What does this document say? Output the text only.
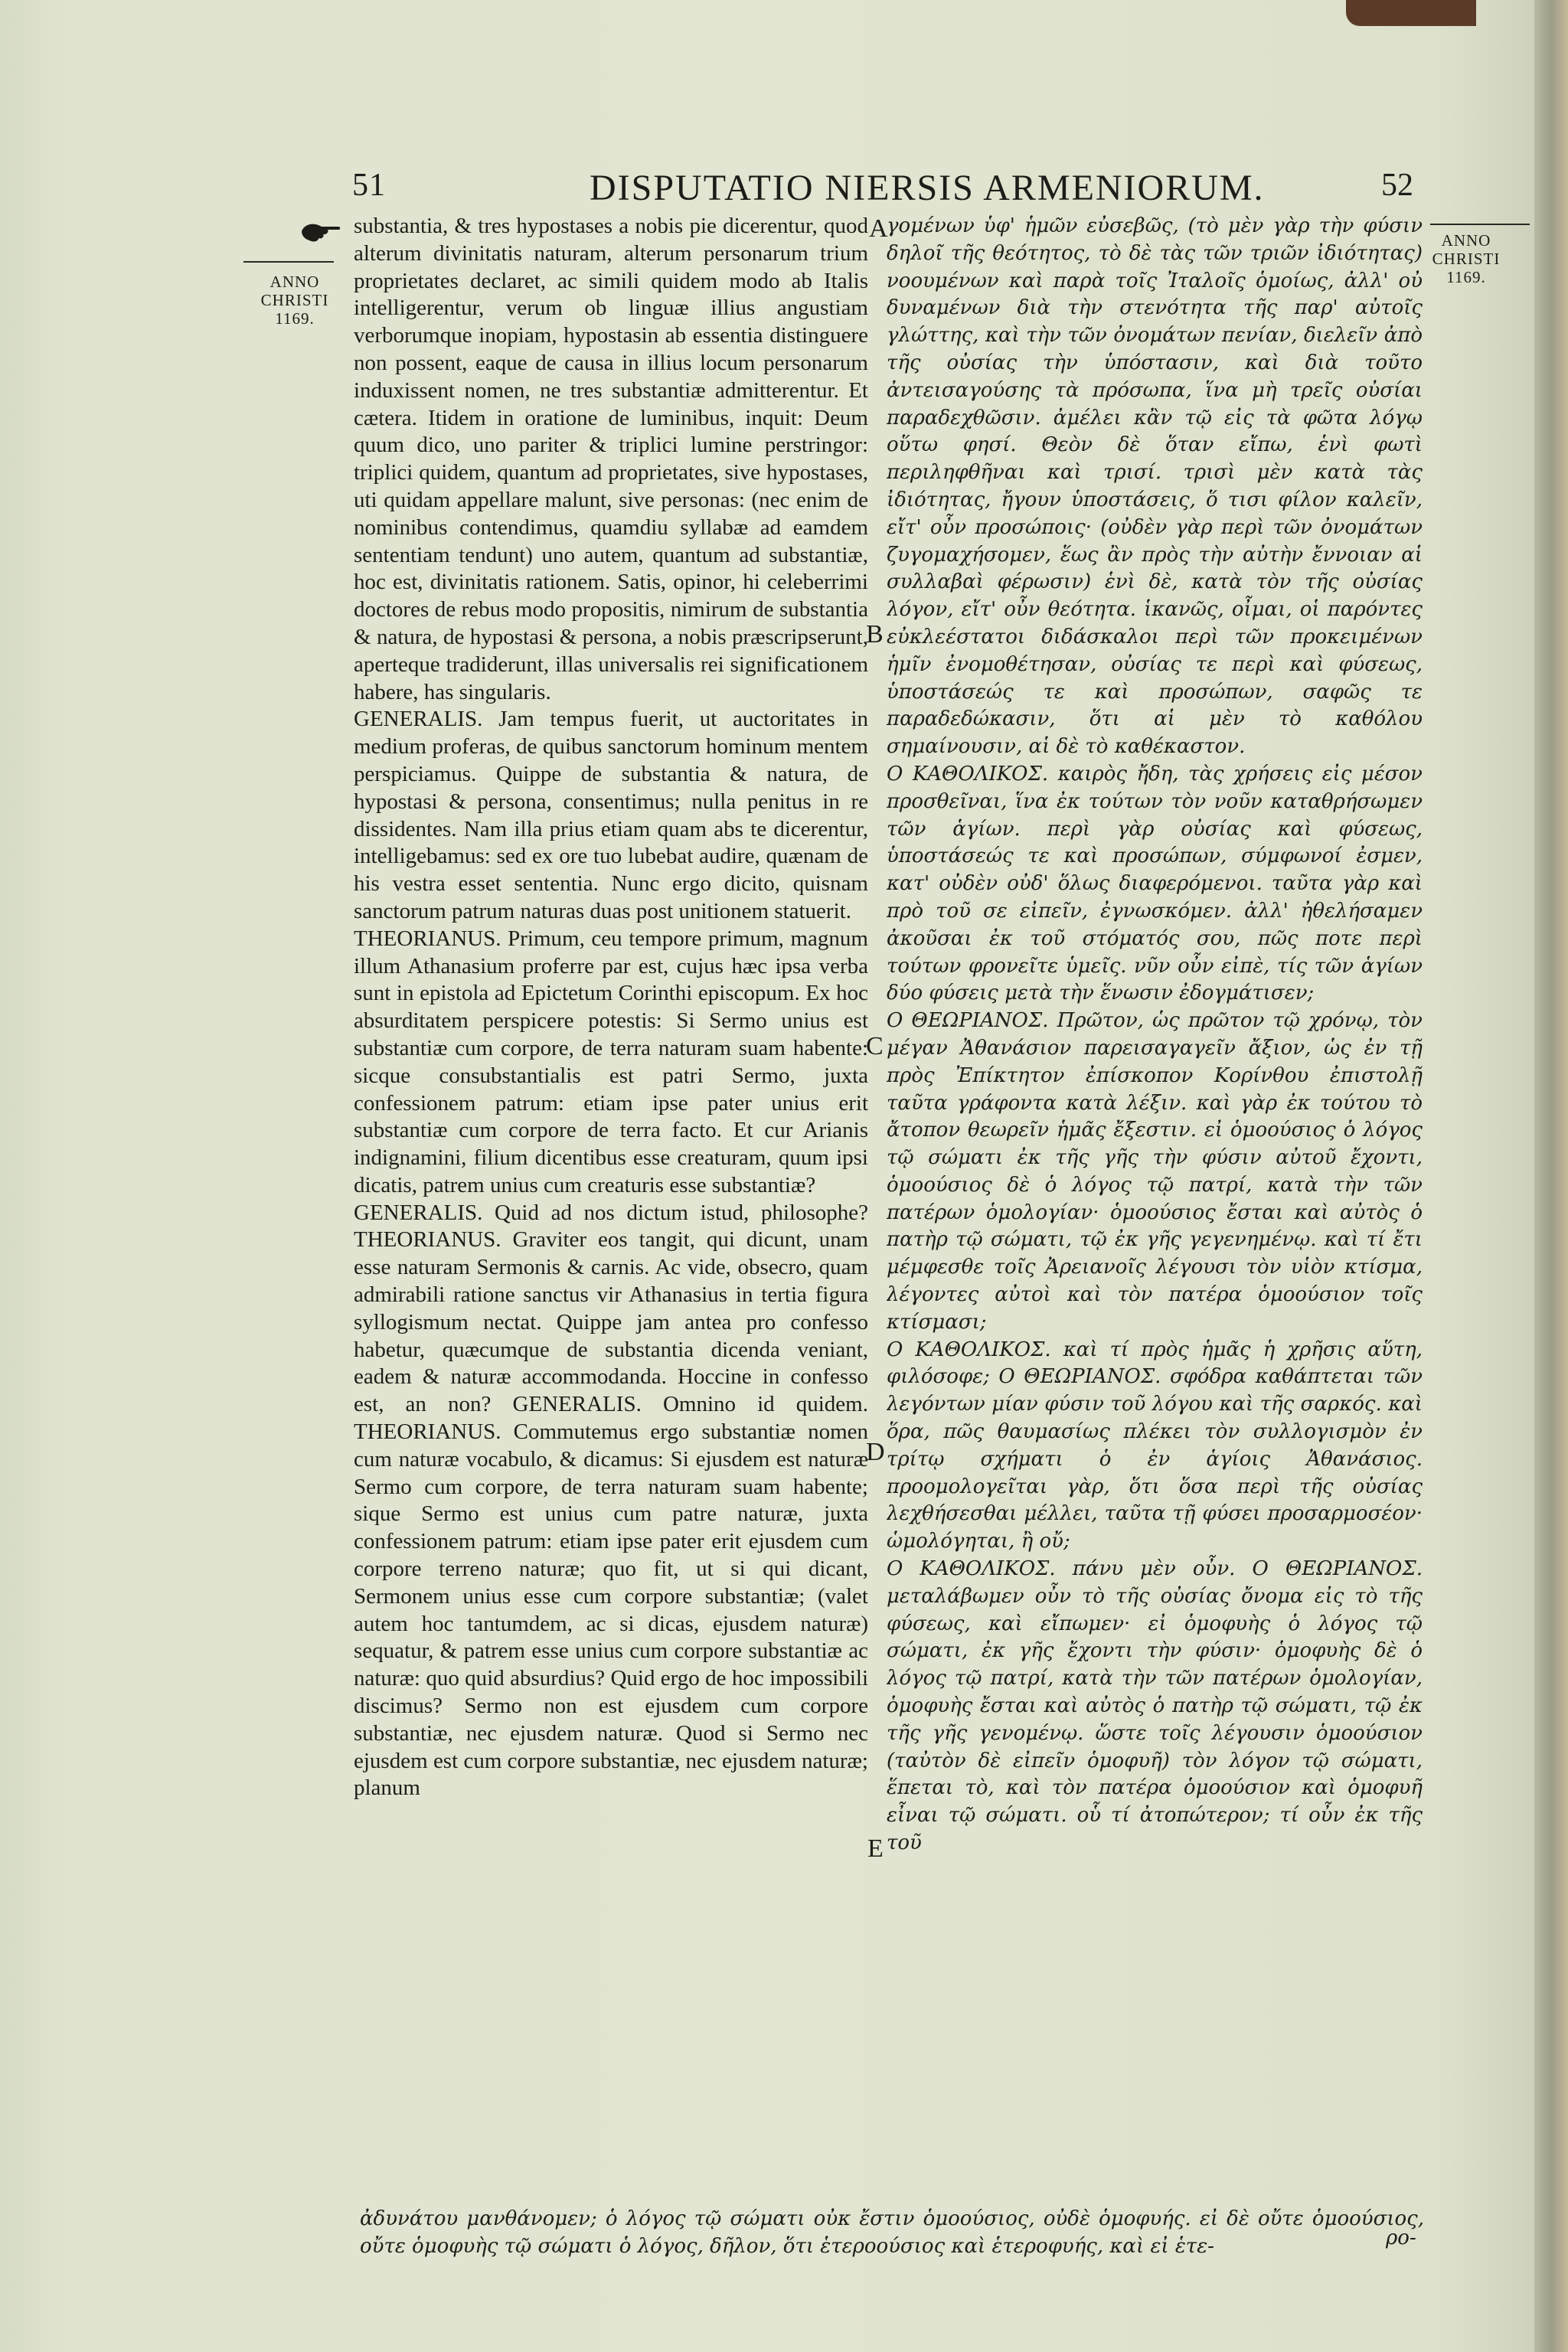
51	DISPUTATIO NIERSIS ARMENIORUM.	52
ANNO CHRISTI 1169.
ANNO CHRISTI 1169.
A
B
C
D
E

substantia, & tres hypostases a nobis pie dicerentur, quod alterum divinitatis naturam, alterum personarum trium proprietates declaret, ac simili quidem modo ab Italis intelligerentur, verum ob linguæ illius angustiam verborumque inopiam, hypostasin ab essentia distinguere non possent, eaque de causa in illius locum personarum induxissent nomen, ne tres substantiæ admitterentur. Et cætera. Itidem in oratione de luminibus, inquit: Deum quum dico, uno pariter & triplici lumine perstringor: triplici quidem, quantum ad proprietates, sive hypostases, uti quidam appellare malunt, sive personas: (nec enim de nominibus contendimus, quamdiu syllabæ ad eamdem sententiam tendunt) uno autem, quantum ad substantiæ, hoc est, divinitatis rationem. Satis, opinor, hi celeberrimi doctores de rebus modo propositis, nimirum de substantia & natura, de hypostasi & persona, a nobis præscripserunt, aperteque tradiderunt, illas universalis rei significationem habere, has singularis.

GENERALIS. Jam tempus fuerit, ut auctoritates in medium proferas, de quibus sanctorum hominum mentem perspiciamus. Quippe de substantia & natura, de hypostasi & persona, consentimus; nulla penitus in re dissidentes. Nam illa prius etiam quam abs te dicerentur, intelligebamus: sed ex ore tuo lubebat audire, quænam de his vestra esset sententia. Nunc ergo dicito, quisnam sanctorum patrum naturas duas post unitionem statuerit.

THEORIANUS. Primum, ceu tempore primum, magnum illum Athanasium proferre par est, cujus hæc ipsa verba sunt in epistola ad Epictetum Corinthi episcopum. Ex hoc absurditatem perspicere potestis: Si Sermo unius est substantiæ cum corpore, de terra naturam suam habente: sicque consubstantialis est patri Sermo, juxta confessionem patrum: etiam ipse pater unius erit substantiæ cum corpore de terra facto. Et cur Arianis indignamini, filium dicentibus esse creaturam, quum ipsi dicatis, patrem unius cum creaturis esse substantiæ?

GENERALIS. Quid ad nos dictum istud, philosophe? THEORIANUS. Graviter eos tangit, qui dicunt, unam esse naturam Sermonis & carnis. Ac vide, obsecro, quam admirabili ratione sanctus vir Athanasius in tertia figura syllogismum nectat. Quippe jam antea pro confesso habetur, quæcumque de substantia dicenda veniant, eadem & naturæ accommodanda. Hoccine in confesso est, an non? GENERALIS. Omnino id quidem. THEORIANUS. Commutemus ergo substantiæ nomen cum naturæ vocabulo, & dicamus: Si ejusdem est naturæ Sermo cum corpore, de terra naturam suam habente; sique Sermo est unius cum patre naturæ, juxta confessionem patrum: etiam ipse pater erit ejusdem cum corpore terreno naturæ; quo fit, ut si qui dicant, Sermonem unius esse cum corpore substantiæ; (valet autem hoc tantumdem, ac si dicas, ejusdem naturæ) sequatur, & patrem esse unius cum corpore substantiæ ac naturæ: quo quid absurdius? Quid ergo de hoc impossibili discimus? Sermo non est ejusdem cum corpore substantiæ, nec ejusdem naturæ. Quod si Sermo nec ejusdem est cum corpore substantiæ, nec ejusdem naturæ; planum

γομένων ὑφ' ἡμῶν εὐσεβῶς, (τὸ μὲν γὰρ τὴν φύσιν δηλοῖ τῆς θεότητος, τὸ δὲ τὰς τῶν τριῶν ἰδιότητας) νοουμένων καὶ παρὰ τοῖς Ἰταλοῖς ὁμοίως, ἀλλ' οὐ δυναμένων διὰ τὴν στενότητα τῆς παρ' αὐτοῖς γλώττης, καὶ τὴν τῶν ὀνομάτων πενίαν, διελεῖν ἀπὸ τῆς οὐσίας τὴν ὑπόστασιν, καὶ διὰ τοῦτο ἀντεισαγούσης τὰ πρόσωπα, ἵνα μὴ τρεῖς οὐσίαι παραδεχθῶσιν. ἀμέλει κἂν τῷ εἰς τὰ φῶτα λόγῳ οὕτω φησί. Θεὸν δὲ ὅταν εἴπω, ἑνὶ φωτὶ περιληφθῆναι καὶ τρισί. τρισὶ μὲν κατὰ τὰς ἰδιότητας, ἤγουν ὑποστάσεις, ὅ τισι φίλον καλεῖν, εἴτ' οὖν προσώποις· (οὐδὲν γὰρ περὶ τῶν ὀνομάτων ζυγομαχήσομεν, ἕως ἂν πρὸς τὴν αὐτὴν ἔννοιαν αἱ συλλαβαὶ φέρωσιν) ἑνὶ δὲ, κατὰ τὸν τῆς οὐσίας λόγον, εἴτ' οὖν θεότητα. ἱκανῶς, οἶμαι, οἱ παρόντες εὐκλεέστατοι διδάσκαλοι περὶ τῶν προκειμένων ἡμῖν ἐνομοθέτησαν, οὐσίας τε περὶ καὶ φύσεως, ὑποστάσεώς τε καὶ προσώπων, σαφῶς τε παραδεδώκασιν, ὅτι αἱ μὲν τὸ καθόλου σημαίνουσιν, αἱ δὲ τὸ καθέκαστον.

Ο ΚΑΘΟΛΙΚΟΣ. καιρὸς ἤδη, τὰς χρήσεις εἰς μέσον προσθεῖναι, ἵνα ἐκ τούτων τὸν νοῦν καταθρήσωμεν τῶν ἁγίων. περὶ γὰρ οὐσίας καὶ φύσεως, ὑποστάσεώς τε καὶ προσώπων, σύμφωνοί ἐσμεν, κατ' οὐδὲν οὐδ' ὅλως διαφερόμενοι. ταῦτα γὰρ καὶ πρὸ τοῦ σε εἰπεῖν, ἐγνωσκόμεν. ἀλλ' ἠθελήσαμεν ἀκοῦσαι ἐκ τοῦ στόματός σου, πῶς ποτε περὶ τούτων φρονεῖτε ὑμεῖς. νῦν οὖν εἰπὲ, τίς τῶν ἁγίων δύο φύσεις μετὰ τὴν ἕνωσιν ἐδογμάτισεν;

Ο ΘΕΩΡΙΑΝΟΣ. Πρῶτον, ὡς πρῶτον τῷ χρόνῳ, τὸν μέγαν Ἀθανάσιον παρεισαγαγεῖν ἄξιον, ὡς ἐν τῇ πρὸς Ἐπίκτητον ἐπίσκοπον Κορίνθου ἐπιστολῇ ταῦτα γράφοντα κατὰ λέξιν. καὶ γὰρ ἐκ τούτου τὸ ἄτοπον θεωρεῖν ἡμᾶς ἔξεστιν. εἰ ὁμοούσιος ὁ λόγος τῷ σώματι ἐκ τῆς γῆς τὴν φύσιν αὐτοῦ ἔχοντι, ὁμοούσιος δὲ ὁ λόγος τῷ πατρί, κατὰ τὴν τῶν πατέρων ὁμολογίαν· ὁμοούσιος ἔσται καὶ αὐτὸς ὁ πατὴρ τῷ σώματι, τῷ ἐκ γῆς γεγενημένῳ. καὶ τί ἔτι μέμφεσθε τοῖς Ἀρειανοῖς λέγουσι τὸν υἱὸν κτίσμα, λέγοντες αὐτοὶ καὶ τὸν πατέρα ὁμοούσιον τοῖς κτίσμασι;

Ο ΚΑΘΟΛΙΚΟΣ. καὶ τί πρὸς ἡμᾶς ἡ χρῆσις αὕτη, φιλόσοφε; Ο ΘΕΩΡΙΑΝΟΣ. σφόδρα καθάπτεται τῶν λεγόντων μίαν φύσιν τοῦ λόγου καὶ τῆς σαρκός. καὶ ὅρα, πῶς θαυμασίως πλέκει τὸν συλλογισμὸν ἐν τρίτῳ σχήματι ὁ ἐν ἁγίοις Ἀθανάσιος. προομολογεῖται γὰρ, ὅτι ὅσα περὶ τῆς οὐσίας λεχθήσεσθαι μέλλει, ταῦτα τῇ φύσει προσαρμοσέον· ὡμολόγηται, ἢ οὔ;

Ο ΚΑΘΟΛΙΚΟΣ. πάνυ μὲν οὖν. Ο ΘΕΩΡΙΑΝΟΣ. μεταλάβωμεν οὖν τὸ τῆς οὐσίας ὄνομα εἰς τὸ τῆς φύσεως, καὶ εἴπωμεν· εἰ ὁμοφυὴς ὁ λόγος τῷ σώματι, ἐκ γῆς ἔχοντι τὴν φύσιν· ὁμοφυὴς δὲ ὁ λόγος τῷ πατρί, κατὰ τὴν τῶν πατέρων ὁμολογίαν, ὁμοφυὴς ἔσται καὶ αὐτὸς ὁ πατὴρ τῷ σώματι, τῷ ἐκ τῆς γῆς γενομένῳ. ὥστε τοῖς λέγουσιν ὁμοούσιον (ταὐτὸν δὲ εἰπεῖν ὁμοφυῆ) τὸν λόγον τῷ σώματι, ἕπεται τὸ, καὶ τὸν πατέρα ὁμοούσιον καὶ ὁμοφυῆ εἶναι τῷ σώματι. οὗ τί ἀτοπώτερον; τί οὖν ἐκ τῆς τοῦ

ἀδυνάτου μανθάνομεν; ὁ λόγος τῷ σώματι οὐκ ἔστιν ὁμοούσιος, οὐδὲ ὁμοφυής. εἰ δὲ οὔτε ὁμοούσιος, οὔτε ὁμοφυὴς τῷ σώματι ὁ λόγος, δῆλον, ὅτι ἑτεροούσιος καὶ ἑτεροφυής, καὶ εἰ ἑτε-	ρο-
